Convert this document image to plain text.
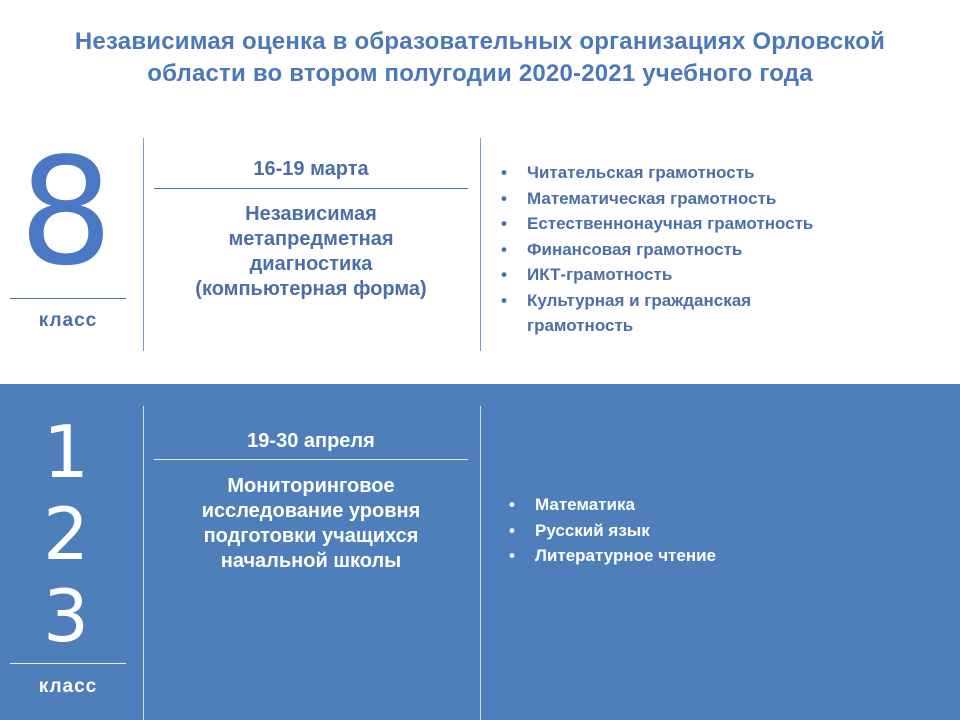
Независимая оценка в образовательных организациях Орловской
области во втором полугодии 2020-2021 учебного года
8
класс
16-19 марта
Независимая
метапредметная
диагностика
(компьютерная форма)
• Читательская грамотность
• Математическая грамотность
• Естественнонаучная грамотность
• Финансовая грамотность
• ИКТ-грамотность
• Культурная и гражданская
грамотность
1
2
3
класс
19-30 апреля
Мониторинговое
исследование уровня
подготовки учащихся
начальной школы
• Математика
• Русский язык
• Литературное чтение
